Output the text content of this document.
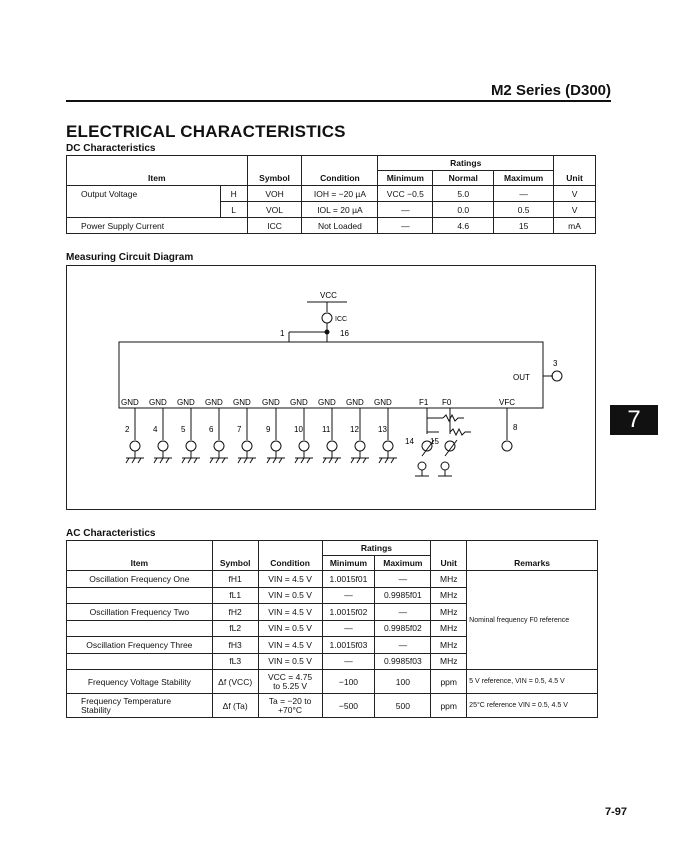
M2 Series (D300)
ELECTRICAL CHARACTERISTICS
DC Characteristics
Item		Symbol	Condition	Ratings			Unit
				Minimum	Normal	Maximum	
Output Voltage	H	VOH	IOH = −20 µA	VCC −0.5	5.0	—	V
	L	VOL	IOL = 20 µA	—	0.0	0.5	V
Power Supply Current		ICC	Not Loaded	—	4.6	15	mA
Measuring Circuit Diagram
VCC
ICC
1	16
OUT
3
GND
2
GND
4
GND
5
GND
6
GND
7
GND
9
GND
10
GND
11
GND
12
GND
13
F1 F0	VFC
14 15
8	7
AC Characteristics
Item	Symbol	Condition	Ratings		Unit	Remarks
			Minimum	Maximum		
Oscillation Frequency One	fH1	VIN = 4.5 V	1.0015f01	—	MHz	Nominal frequency F0 reference
	fL1	VIN = 0.5 V	—	0.9985f01	MHz	
Oscillation Frequency Two	fH2	VIN = 4.5 V	1.0015f02	—	MHz	
	fL2	VIN = 0.5 V	—	0.9985f02	MHz	
Oscillation Frequency Three	fH3	VIN = 4.5 V	1.0015f03	—	MHz	
	fL3	VIN = 0.5 V	—	0.9985f03	MHz	
Frequency Voltage Stability	Δf (VCC)	VCC = 4.75
to 5.25 V	−100	100	ppm	5 V reference, VIN = 0.5, 4.5 V
Frequency Temperature
Stability	Δf (Ta)	Ta = −20 to
+70°C	−500	500	ppm	25°C reference VIN = 0.5, 4.5 V
7-97
